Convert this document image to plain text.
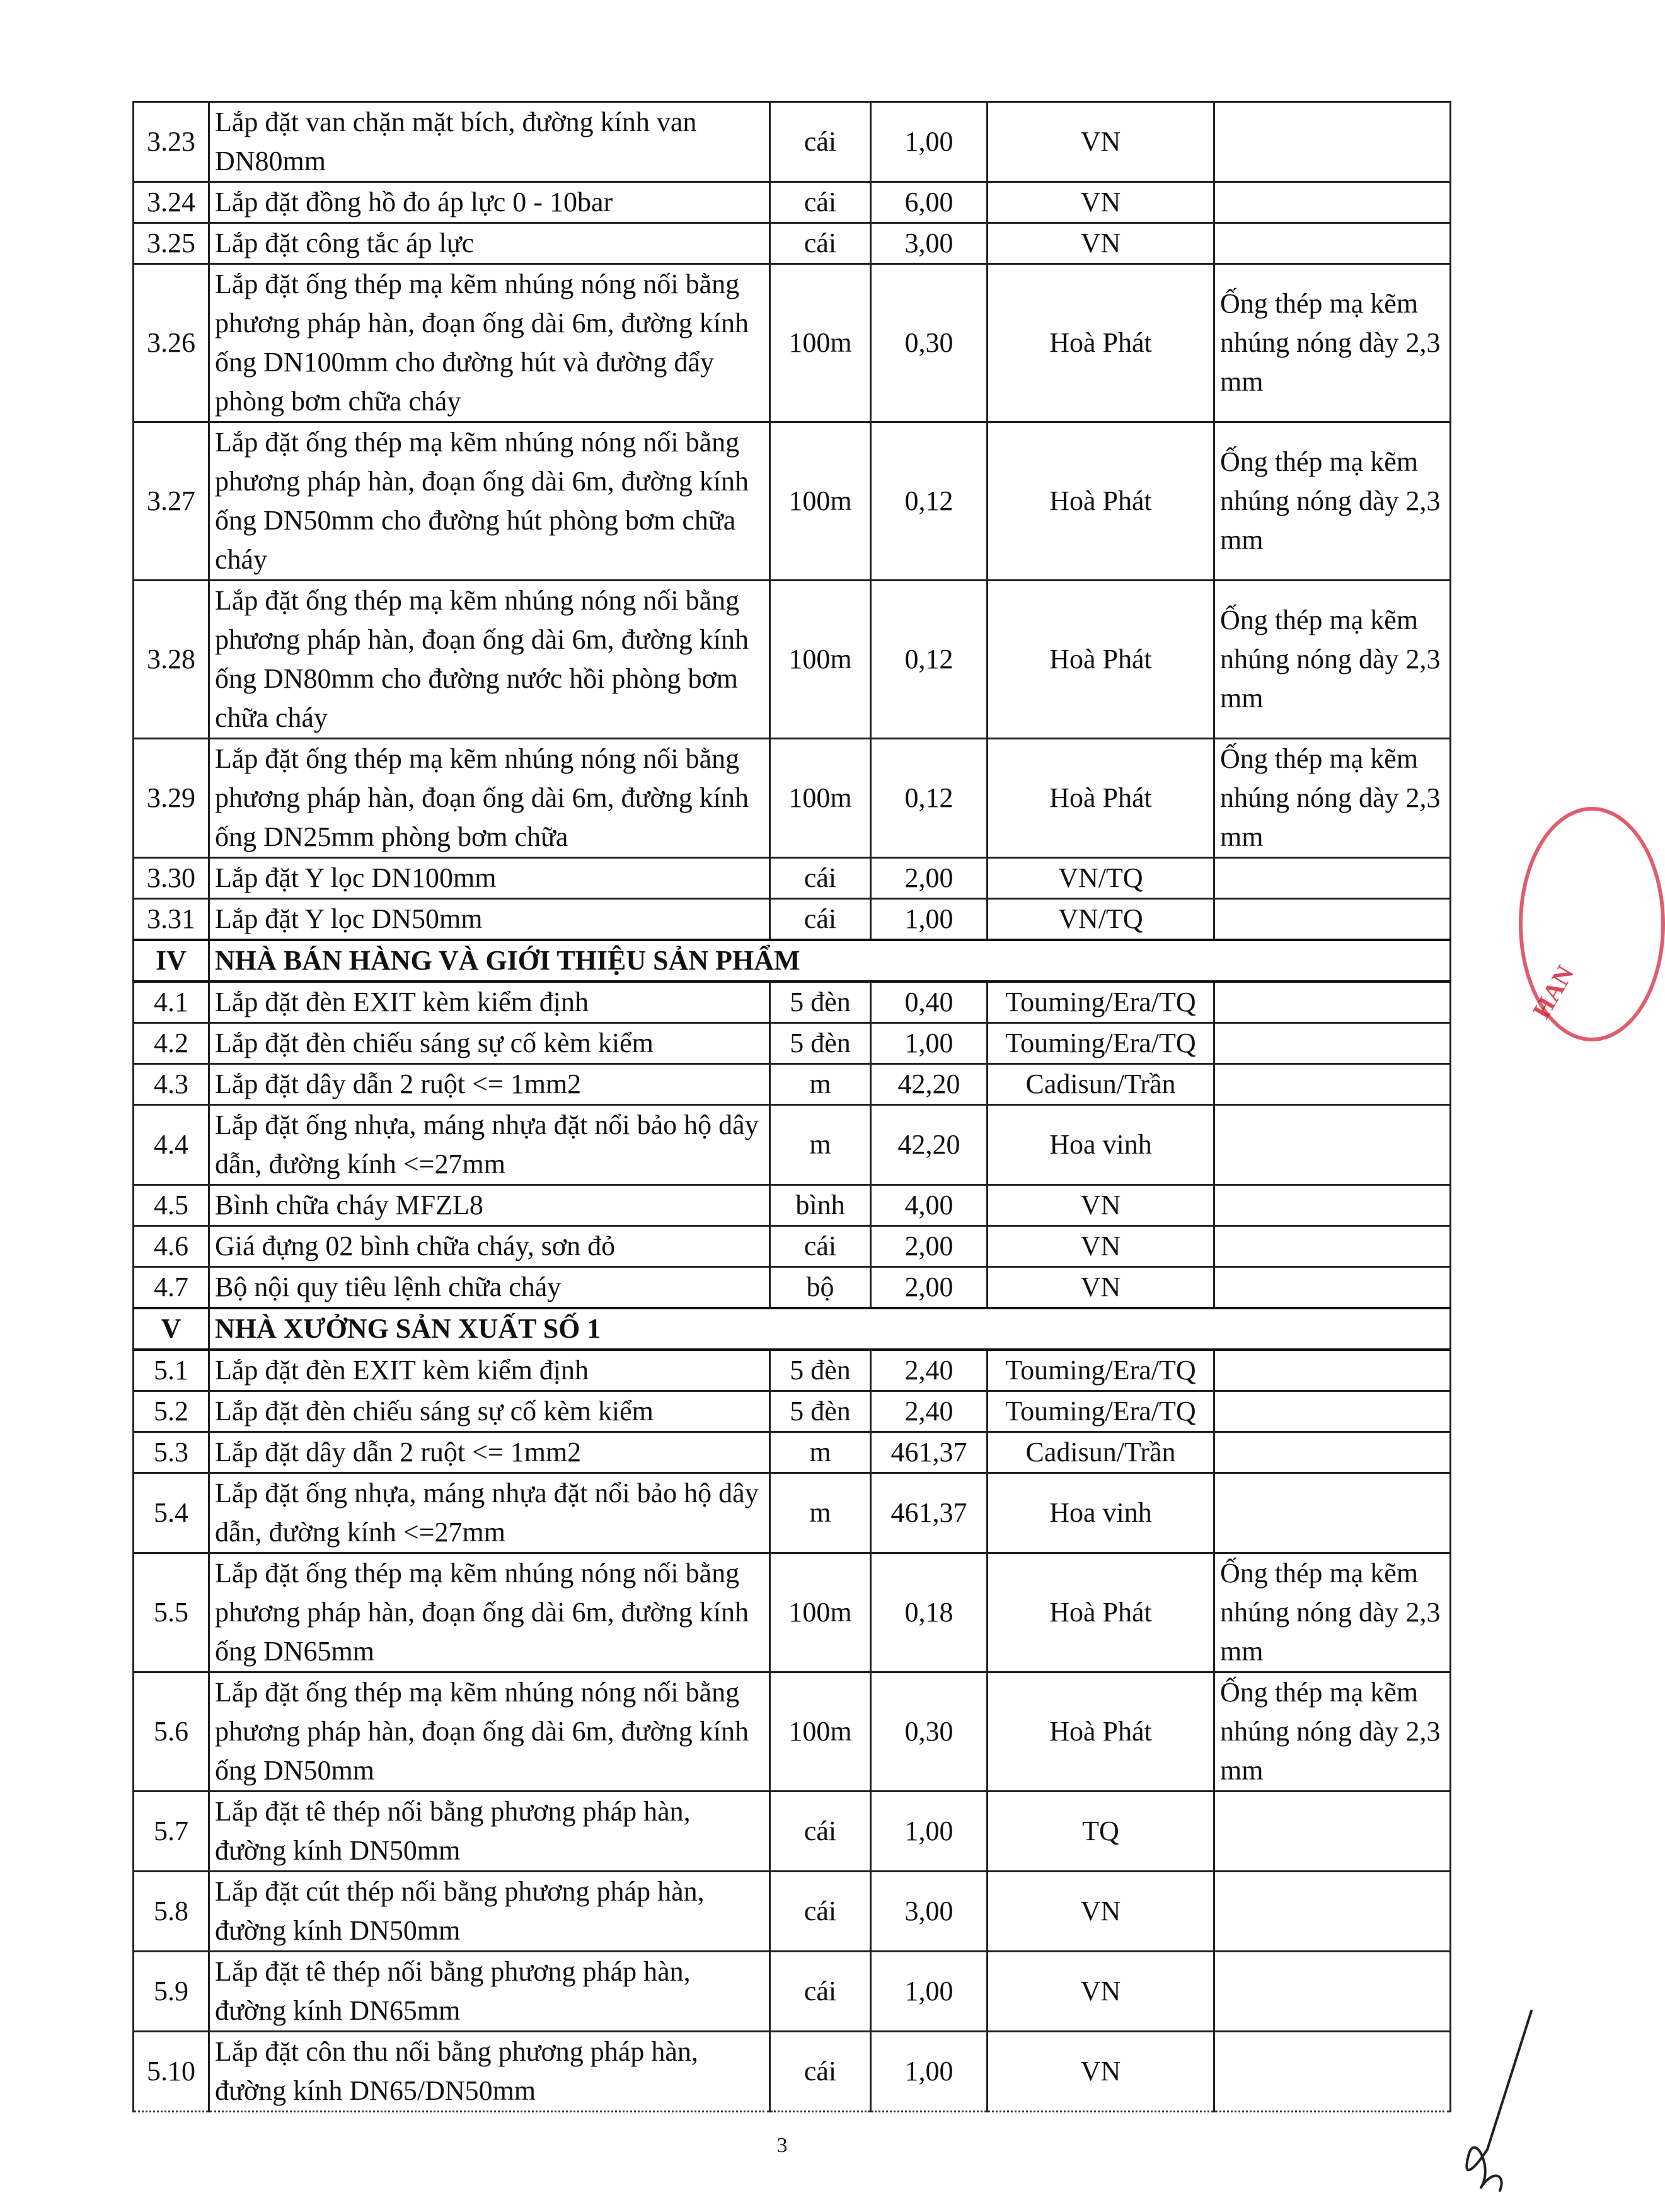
3.23	Lắp đặt van chặn mặt bích, đường kính van DN80mm	cái	1,00	VN	
3.24	Lắp đặt đồng hồ đo áp lực 0 - 10bar	cái	6,00	VN	
3.25	Lắp đặt công tắc áp lực	cái	3,00	VN	
3.26	Lắp đặt ống thép mạ kẽm nhúng nóng nối bằng phương pháp hàn, đoạn ống dài 6m, đường kính ống DN100mm cho đường hút và đường đẩy phòng bơm chữa cháy	100m	0,30	Hoà Phát	Ống thép mạ kẽm nhúng nóng dày 2,3 mm
3.27	Lắp đặt ống thép mạ kẽm nhúng nóng nối bằng phương pháp hàn, đoạn ống dài 6m, đường kính ống DN50mm cho đường hút phòng bơm chữa cháy	100m	0,12	Hoà Phát	Ống thép mạ kẽm nhúng nóng dày 2,3 mm
3.28	Lắp đặt ống thép mạ kẽm nhúng nóng nối bằng phương pháp hàn, đoạn ống dài 6m, đường kính ống DN80mm cho đường nước hồi phòng bơm chữa cháy	100m	0,12	Hoà Phát	Ống thép mạ kẽm nhúng nóng dày 2,3 mm
3.29	Lắp đặt ống thép mạ kẽm nhúng nóng nối bằng phương pháp hàn, đoạn ống dài 6m, đường kính ống DN25mm phòng bơm chữa	100m	0,12	Hoà Phát	Ống thép mạ kẽm nhúng nóng dày 2,3 mm
3.30	Lắp đặt Y lọc DN100mm	cái	2,00	VN/TQ	
3.31	Lắp đặt Y lọc DN50mm	cái	1,00	VN/TQ	
IV	NHÀ BÁN HÀNG VÀ GIỚI THIỆU SẢN PHẨM				
4.1	Lắp đặt đèn EXIT kèm kiểm định	5 đèn	0,40	Touming/Era/TQ	
4.2	Lắp đặt đèn chiếu sáng sự cố kèm kiểm	5 đèn	1,00	Touming/Era/TQ	
4.3	Lắp đặt dây dẫn 2 ruột <= 1mm2	m	42,20	Cadisun/Trần	
4.4	Lắp đặt ống nhựa, máng nhựa đặt nổi bảo hộ dây dẫn, đường kính <=27mm	m	42,20	Hoa vinh	
4.5	Bình chữa cháy MFZL8	bình	4,00	VN	
4.6	Giá đựng 02 bình chữa cháy, sơn đỏ	cái	2,00	VN	
4.7	Bộ nội quy tiêu lệnh chữa cháy	bộ	2,00	VN	
V	NHÀ XƯỞNG SẢN XUẤT SỐ 1				
5.1	Lắp đặt đèn EXIT kèm kiểm định	5 đèn	2,40	Touming/Era/TQ	
5.2	Lắp đặt đèn chiếu sáng sự cố kèm kiểm	5 đèn	2,40	Touming/Era/TQ	
5.3	Lắp đặt dây dẫn 2 ruột <= 1mm2	m	461,37	Cadisun/Trần	
5.4	Lắp đặt ống nhựa, máng nhựa đặt nổi bảo hộ dây dẫn, đường kính <=27mm	m	461,37	Hoa vinh	
5.5	Lắp đặt ống thép mạ kẽm nhúng nóng nối bằng phương pháp hàn, đoạn ống dài 6m, đường kính ống DN65mm	100m	0,18	Hoà Phát	Ống thép mạ kẽm nhúng nóng dày 2,3 mm
5.6	Lắp đặt ống thép mạ kẽm nhúng nóng nối bằng phương pháp hàn, đoạn ống dài 6m, đường kính ống DN50mm	100m	0,30	Hoà Phát	Ống thép mạ kẽm nhúng nóng dày 2,3 mm
5.7	Lắp đặt tê thép nối bằng phương pháp hàn, đường kính DN50mm	cái	1,00	TQ	
5.8	Lắp đặt cút thép nối bằng phương pháp hàn, đường kính DN50mm	cái	3,00	VN	
5.9	Lắp đặt tê thép nối bằng phương pháp hàn, đường kính DN65mm	cái	1,00	VN	
5.10	Lắp đặt côn thu nối bằng phương pháp hàn, đường kính DN65/DN50mm	cái	1,00	VN	
3
HAN
